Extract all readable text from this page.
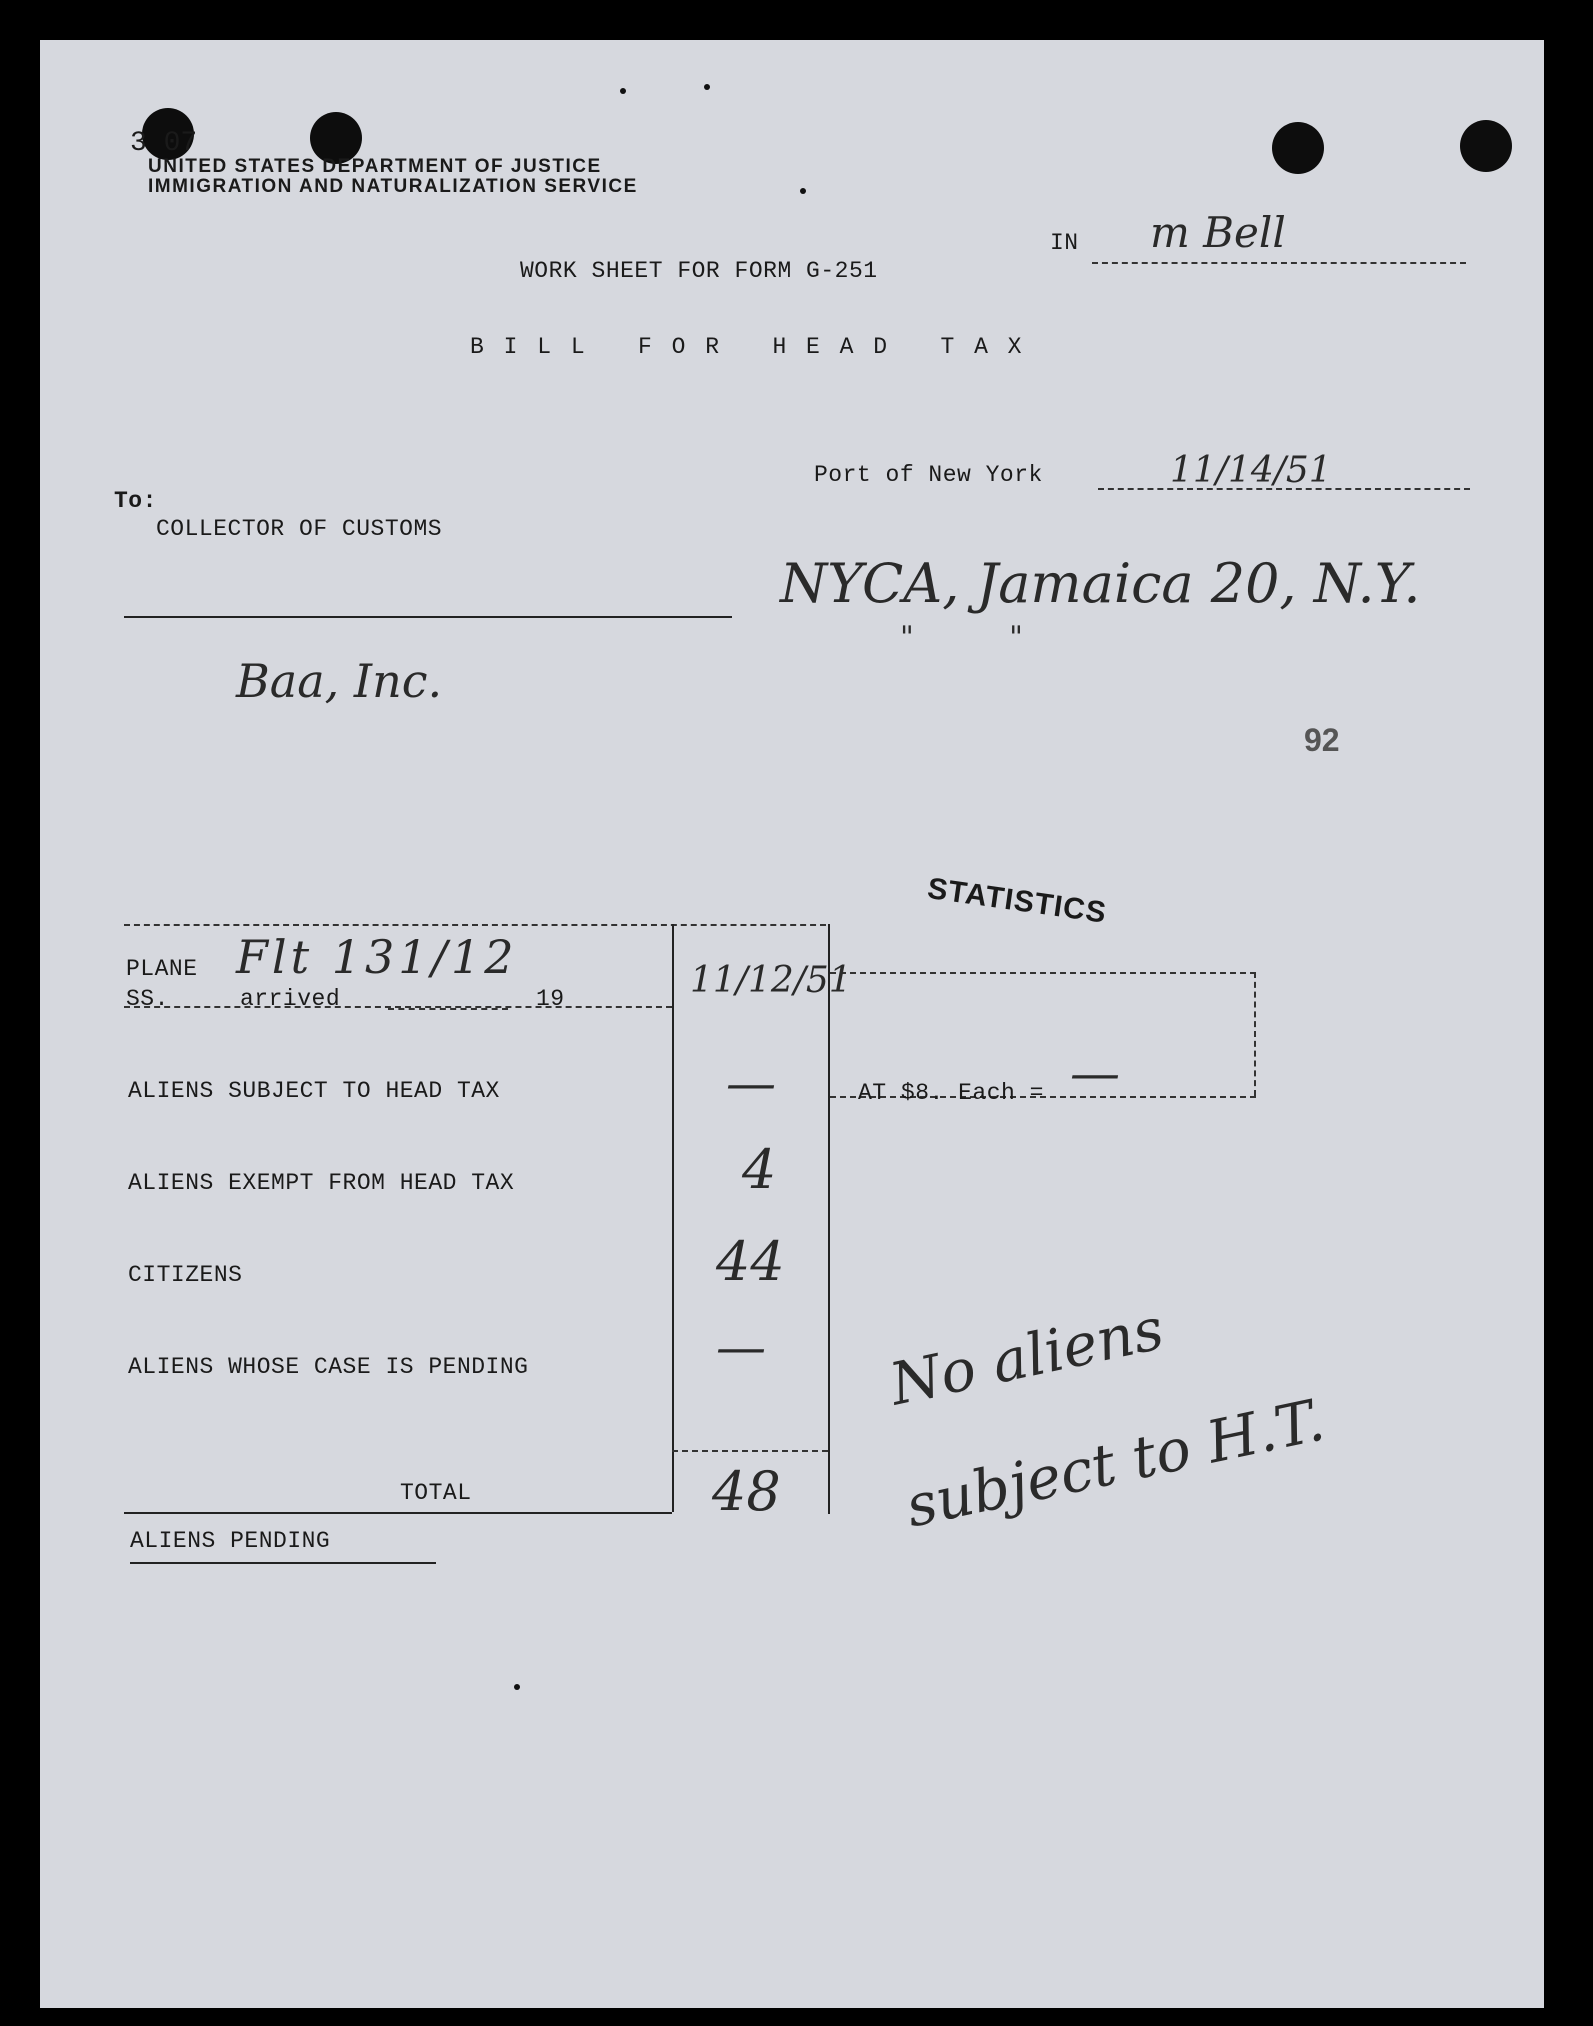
3 07
UNITED STATES DEPARTMENT OF JUSTICE
IMMIGRATION AND NATURALIZATION SERVICE
IN m Bell
WORK SHEET FOR FORM G-251
B I L L   F O R   H E A D   T A X
Port of New York	11/14/51
To:
COLLECTOR OF CUSTOMS
NYCA, Jamaica 20, N.Y.
"          "
Baa, Inc.
92
STATISTICS
PLANE
SS.	arrived	19
Flt 131/12	11/12/51
ALIENS SUBJECT TO HEAD TAX	—	AT $8. Each = —
ALIENS EXEMPT FROM HEAD TAX	4
CITIZENS	44
ALIENS WHOSE CASE IS PENDING	—
TOTAL	48
ALIENS PENDING
No aliens
subject to H.T.
